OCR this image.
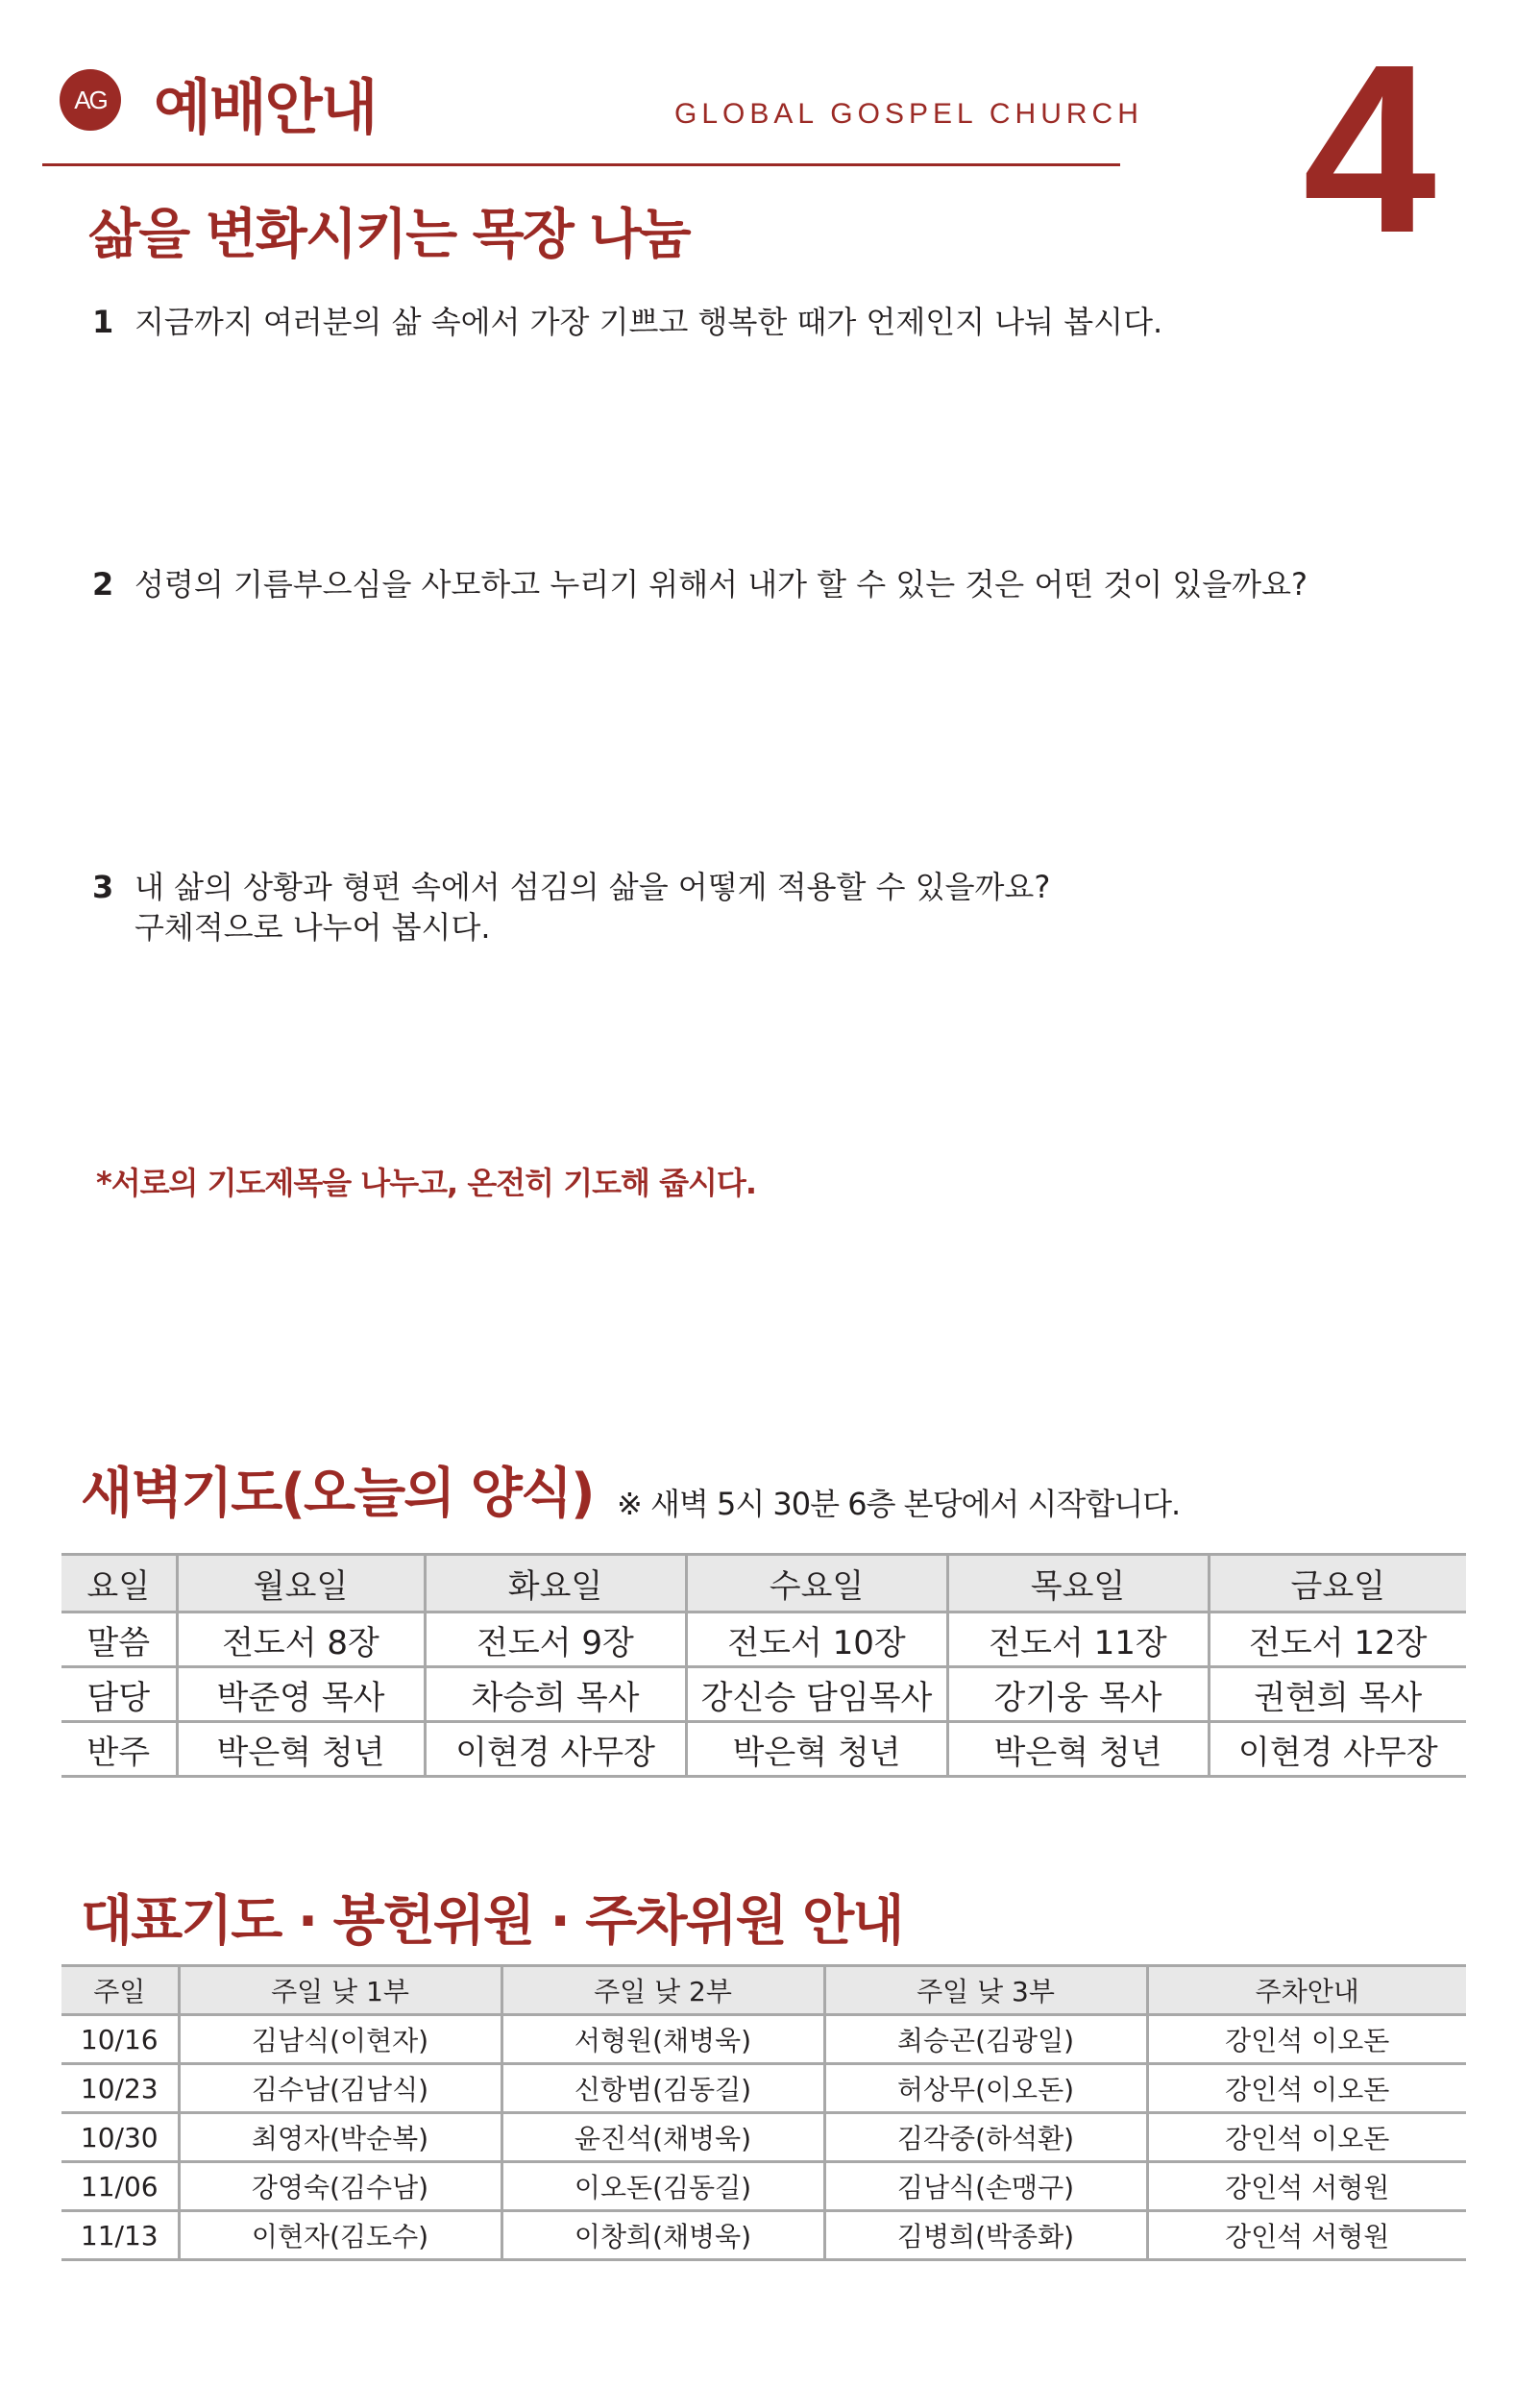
AG 예배안내	GLOBAL GOSPEL CHURCH 4
삶을 변화시키는 목장 나눔
1 지금까지 여러분의 삶 속에서 가장 기쁘고 행복한 때가 언제인지 나눠 봅시다.
2 성령의 기름부으심을 사모하고 누리기 위해서 내가 할 수 있는 것은 어떤 것이 있을까요?
3 내 삶의 상황과 형편 속에서 섬김의 삶을 어떻게 적용할 수 있을까요?
구체적으로 나누어 봅시다.
*서로의 기도제목을 나누고, 온전히 기도해 줍시다.
새벽기도(오늘의 양식) ※ 새벽 5시 30분 6층 본당에서 시작합니다.
요일	월요일	화요일	수요일	목요일	금요일
말씀	전도서 8장	전도서 9장	전도서 10장	전도서 11장	전도서 12장
담당	박준영 목사	차승희 목사	강신승 담임목사	강기웅 목사	권현희 목사
반주	박은혁 청년	이현경 사무장	박은혁 청년	박은혁 청년	이현경 사무장
대표기도 · 봉헌위원 · 주차위원 안내
주일	주일 낮 1부	주일 낮 2부	주일 낮 3부	주차안내
10/16	김남식(이현자)	서형원(채병욱)	최승곤(김광일)	강인석 이오돈
10/23	김수남(김남식)	신항범(김동길)	허상무(이오돈)	강인석 이오돈
10/30	최영자(박순복)	윤진석(채병욱)	김각중(하석환)	강인석 이오돈
11/06	강영숙(김수남)	이오돈(김동길)	김남식(손맹구)	강인석 서형원
11/13	이현자(김도수)	이창희(채병욱)	김병희(박종화)	강인석 서형원
